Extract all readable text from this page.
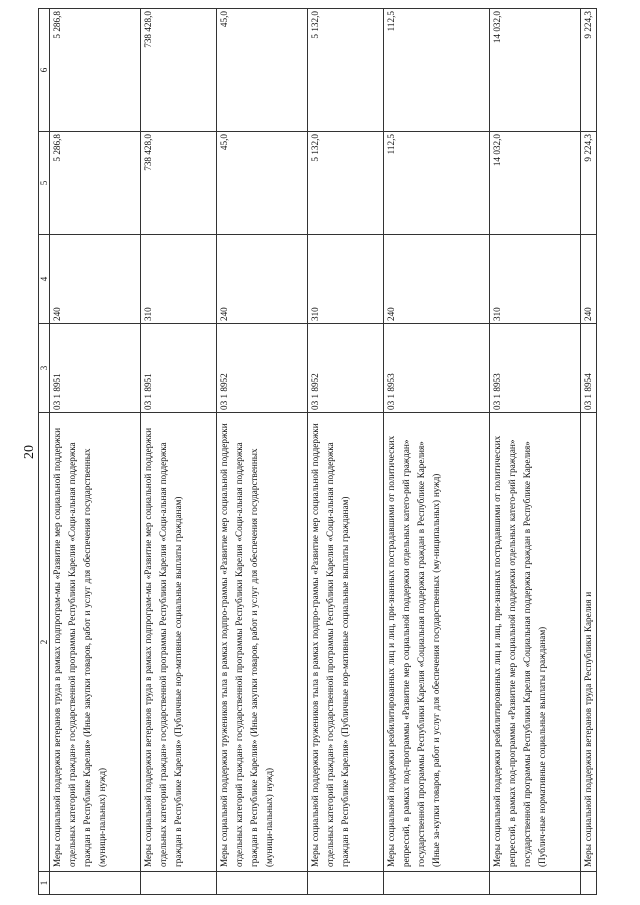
20
1	2	3	4	5	6
	Меры социальной поддержки ветеранов труда в рамках подпрограм-мы «Развитие мер социальной поддержки отдельных категорий граждан» государственной программы Республики Карелия «Соци-альная поддержка граждан в Республике Карелия» (Иные закупки товаров, работ и услуг для обеспечения государственных (муници-пальных) нужд)	03 1 8951	240	5 286,8	5 286,8
	Меры социальной поддержки ветеранов труда в рамках подпрограм-мы «Развитие мер социальной поддержки отдельных категорий граждан» государственной программы Республики Карелия «Соци-альная поддержка граждан в Республике Карелия» (Публичные нор-мативные социальные выплаты гражданам)	03 1 8951	310	738 428,0	738 428,0
	Меры социальной поддержки тружеников тыла в рамках подпро-граммы «Развитие мер социальной поддержки отдельных категорий граждан» государственной программы Республики Карелия «Соци-альная поддержка граждан в Республике Карелия» (Иные закупки товаров, работ и услуг для обеспечения государственных (муници-пальных) нужд)	03 1 8952	240	45,0	45,0
	Меры социальной поддержки тружеников тыла в рамках подпро-граммы «Развитие мер социальной поддержки отдельных категорий граждан» государственной программы Республики Карелия «Соци-альная поддержка граждан в Республике Карелия» (Публичные нор-мативные социальные выплаты гражданам)	03 1 8952	310	5 132,0	5 132,0
	Меры социальной поддержки реабилитированных лиц и лиц, при-знанных пострадавшими от политических репрессий, в рамках под-программы «Развитие мер социальной поддержки отдельных катего-рий граждан» государственной программы Республики Карелия «Социальная поддержка граждан в Республике Карелия» (Иные за-купки товаров, работ и услуг для обеспечения государственных (му-ниципальных) нужд)	03 1 8953	240	112,5	112,5
	Меры социальной поддержки реабилитированных лиц и лиц, при-знанных пострадавшими от политических репрессий, в рамках под-программы «Развитие мер социальной поддержки отдельных катего-рий граждан» государственной программы Республики Карелия «Социальная поддержка граждан в Республике Карелия» (Публич-ные нормативные социальные выплаты гражданам)	03 1 8953	310	14 032,0	14 032,0
	Меры социальной поддержки ветеранов труда Республики Карелия и	03 1 8954	240	9 224,3	9 224,3
